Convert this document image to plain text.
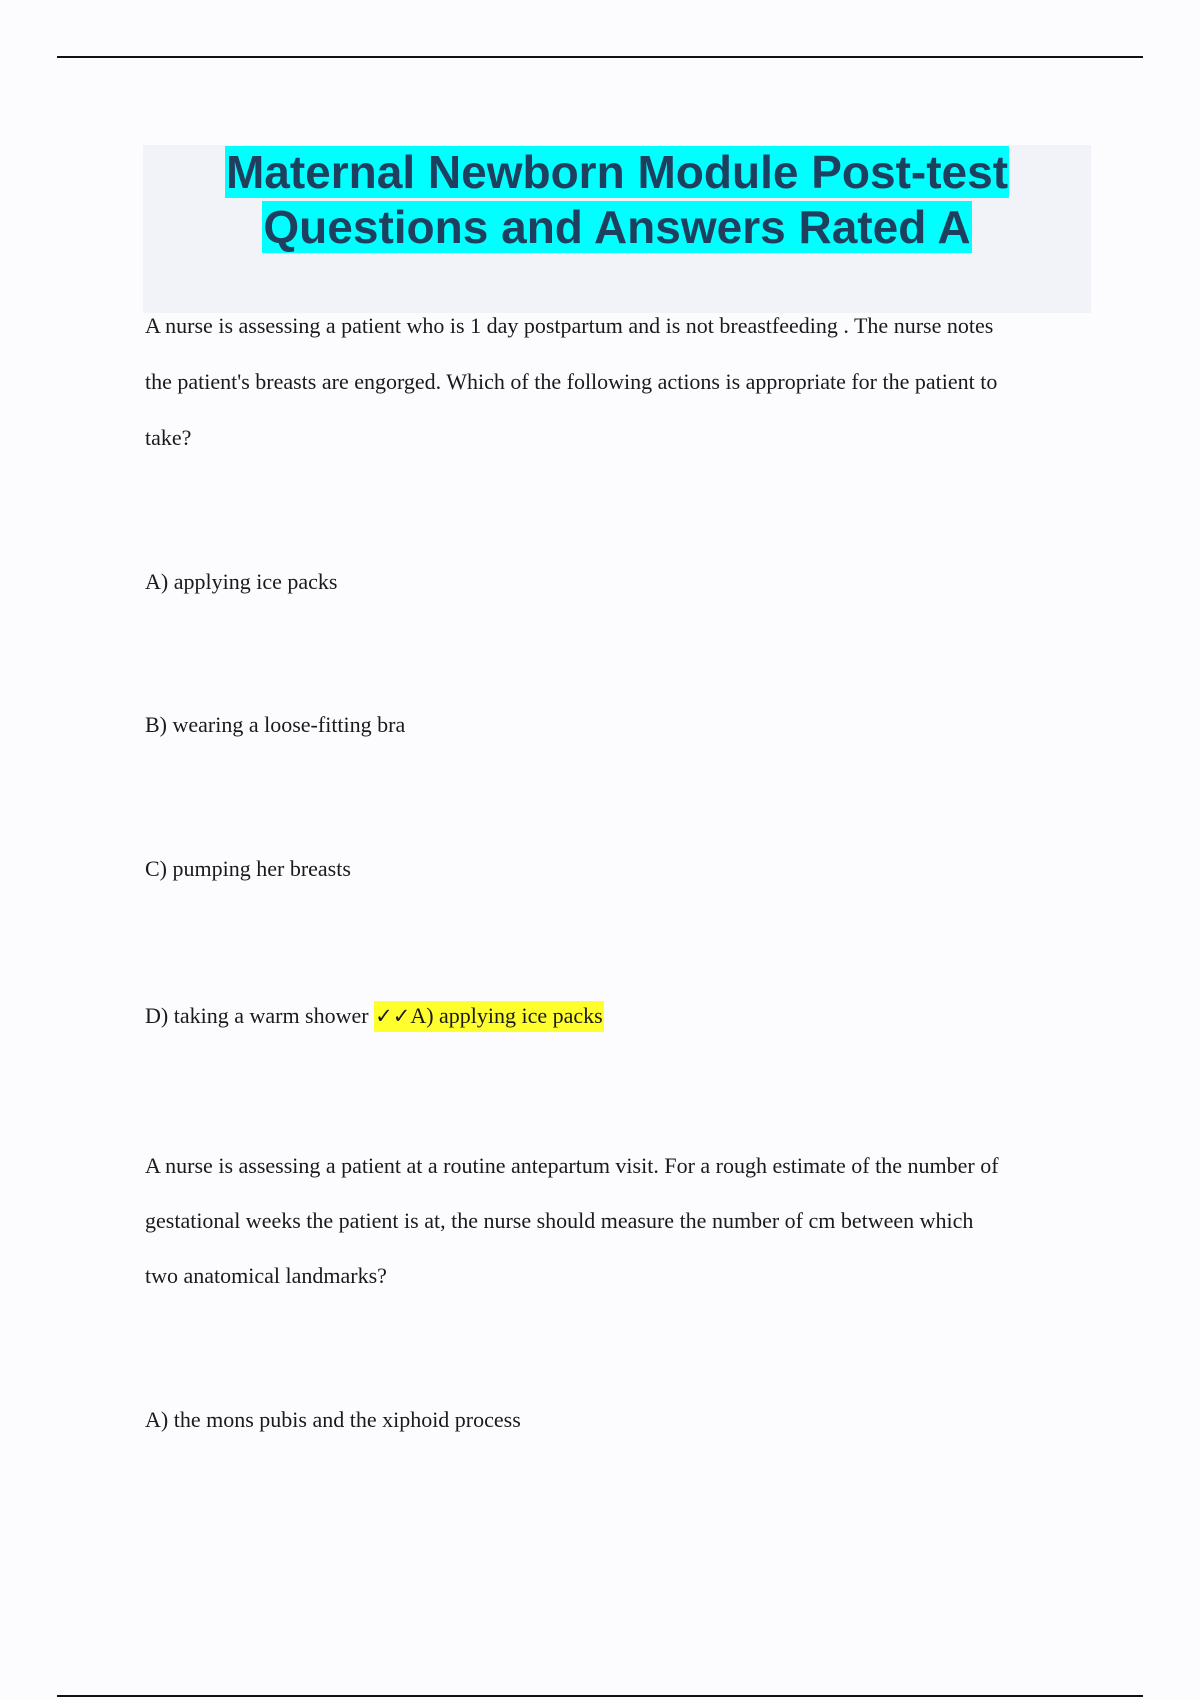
Maternal Newborn Module Post-test
Questions and Answers Rated A
A nurse is assessing a patient who is 1 day postpartum and is not breastfeeding . The nurse notes
the patient's breasts are engorged. Which of the following actions is appropriate for the patient to
take?
A) applying ice packs
B) wearing a loose-fitting bra
C) pumping her breasts
D) taking a warm shower ✓✓A) applying ice packs
A nurse is assessing a patient at a routine antepartum visit. For a rough estimate of the number of
gestational weeks the patient is at, the nurse should measure the number of cm between which
two anatomical landmarks?
A) the mons pubis and the xiphoid process
